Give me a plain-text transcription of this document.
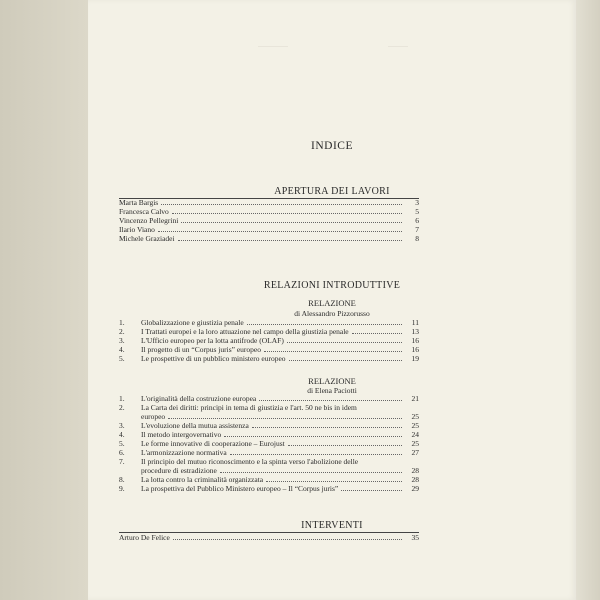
INDICE
APERTURA DEI LAVORI
Marta Bargis	3
Francesca Calvo	5
Vincenzo Pellegrini	6
Ilario Viano	7
Michele Graziadei	8
RELAZIONI INTRODUTTIVE
RELAZIONE
di Alessandro Pizzorusso
1.	Globalizzazione e giustizia penale	11
2.	I Trattati europei e la loro attuazione nel campo della giustizia penale	13
3.	L'Ufficio europeo per la lotta antifrode (OLAF)	16
4.	Il progetto di un “Corpus juris” europeo	16
5.	Le prospettive di un pubblico ministero europeo	19
RELAZIONE
di Elena Paciotti
1.	L'originalità della costruzione europea	21
2.	La Carta dei diritti: principi in tema di giustizia e l'art. 50 ne bis in idem
europeo	25
3.	L'evoluzione della mutua assistenza	25
4.	Il metodo intergovernativo	24
5.	Le forme innovative di cooperazione – Eurojust	25
6.	L'armonizzazione normativa	27
7.	Il principio del mutuo riconoscimento e la spinta verso l'abolizione delle
procedure di estradizione	28
8.	La lotta contro la criminalità organizzata	28
9.	La prospettiva del Pubblico Ministero europeo – Il “Corpus juris”	29
INTERVENTI
Arturo De Felice	35
